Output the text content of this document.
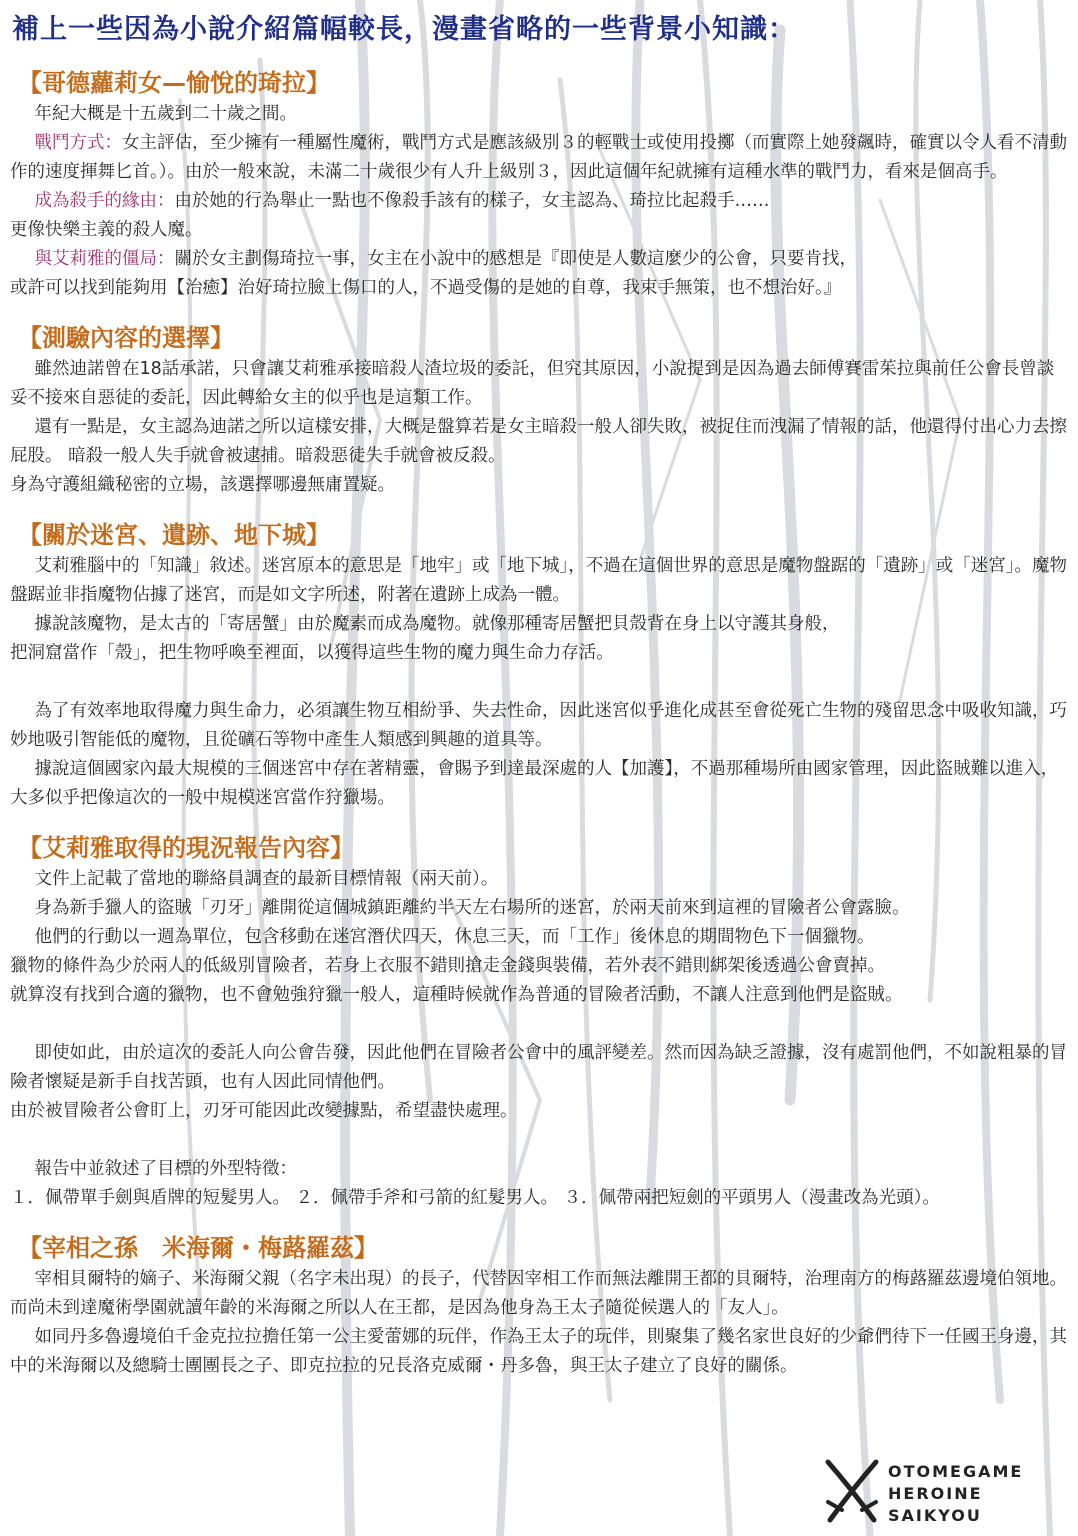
補上一些因為小說介紹篇幅較長，漫畫省略的一些背景小知識：
【哥德蘿莉女—愉悅的琦拉】

年紀大概是十五歲到二十歲之間。

戰鬥方式：女主評估，至少擁有一種屬性魔術，戰鬥方式是應該級別３的輕戰士或使用投擲（而實際上她發飆時，確實以令人看不清動作的速度揮舞匕首。）。由於一般來說，未滿二十歲很少有人升上級別３，因此這個年紀就擁有這種水準的戰鬥力，看來是個高手。

成為殺手的緣由：由於她的行為舉止一點也不像殺手該有的樣子，女主認為、琦拉比起殺手……

更像快樂主義的殺人魔。

與艾莉雅的僵局：關於女主劃傷琦拉一事，女主在小說中的感想是『即使是人數這麼少的公會，只要肯找，

或許可以找到能夠用【治癒】治好琦拉臉上傷口的人，不過受傷的是她的自尊，我束手無策，也不想治好。』

【測驗內容的選擇】

雖然迪諾曾在18話承諾，只會讓艾莉雅承接暗殺人渣垃圾的委託，但究其原因，小說提到是因為過去師傅賽雷茱拉與前任公會長曾談妥不接來自惡徒的委託，因此轉給女主的似乎也是這類工作。

還有一點是，女主認為迪諾之所以這樣安排，大概是盤算若是女主暗殺一般人卻失敗，被捉住而洩漏了情報的話，他還得付出心力去擦屁股。 暗殺一般人失手就會被逮捕。暗殺惡徒失手就會被反殺。

身為守護組織秘密的立場，該選擇哪邊無庸置疑。

【關於迷宮、遺跡、地下城】

艾莉雅腦中的「知識」敘述。迷宮原本的意思是「地牢」或「地下城」，不過在這個世界的意思是魔物盤踞的「遺跡」或「迷宮」。魔物盤踞並非指魔物佔據了迷宮，而是如文字所述，附著在遺跡上成為一體。

據說該魔物，是太古的「寄居蟹」由於魔素而成為魔物。就像那種寄居蟹把貝殼背在身上以守護其身般，

把洞窟當作「殼」，把生物呼喚至裡面，以獲得這些生物的魔力與生命力存活。

為了有效率地取得魔力與生命力，必須讓生物互相紛爭、失去性命，因此迷宮似乎進化成甚至會從死亡生物的殘留思念中吸收知識，巧妙地吸引智能低的魔物，且從礦石等物中產生人類感到興趣的道具等。

據說這個國家內最大規模的三個迷宮中存在著精靈，會賜予到達最深處的人【加護】，不過那種場所由國家管理，因此盜賊難以進入，大多似乎把像這次的一般中規模迷宮當作狩獵場。

【艾莉雅取得的現況報告內容】

文件上記載了當地的聯絡員調查的最新目標情報（兩天前）。

身為新手獵人的盜賊「刃牙」離開從這個城鎮距離約半天左右場所的迷宮，於兩天前來到這裡的冒險者公會露臉。

他們的行動以一週為單位，包含移動在迷宮潛伏四天，休息三天，而「工作」後休息的期間物色下一個獵物。

獵物的條件為少於兩人的低級別冒險者，若身上衣服不錯則搶走金錢與裝備，若外表不錯則綁架後透過公會賣掉。

就算沒有找到合適的獵物，也不會勉強狩獵一般人，這種時候就作為普通的冒險者活動，不讓人注意到他們是盜賊。

即使如此，由於這次的委託人向公會告發，因此他們在冒險者公會中的風評變差。然而因為缺乏證據，沒有處罰他們，不如說粗暴的冒險者懷疑是新手自找苦頭，也有人因此同情他們。

由於被冒險者公會盯上，刃牙可能因此改變據點，希望盡快處理。

報告中並敘述了目標的外型特徵：

１．佩帶單手劍與盾牌的短髮男人。 ２．佩帶手斧和弓箭的紅髮男人。 ３．佩帶兩把短劍的平頭男人（漫畫改為光頭）。

【宰相之孫　米海爾・梅蕗羅茲】

宰相貝爾特的嫡子、米海爾父親（名字未出現）的長子，代替因宰相工作而無法離開王都的貝爾特，治理南方的梅蕗羅茲邊境伯領地。而尚未到達魔術學園就讀年齡的米海爾之所以人在王都，是因為他身為王太子隨從候選人的「友人」。

如同丹多魯邊境伯千金克拉拉擔任第一公主愛蕾娜的玩伴，作為王太子的玩伴，則聚集了幾名家世良好的少爺們待下一任國王身邊，其中的米海爾以及總騎士團團長之子、即克拉拉的兄長洛克威爾・丹多魯，與王太子建立了良好的關係。

OTOMEGAME
HEROINE
SAIKYOU
